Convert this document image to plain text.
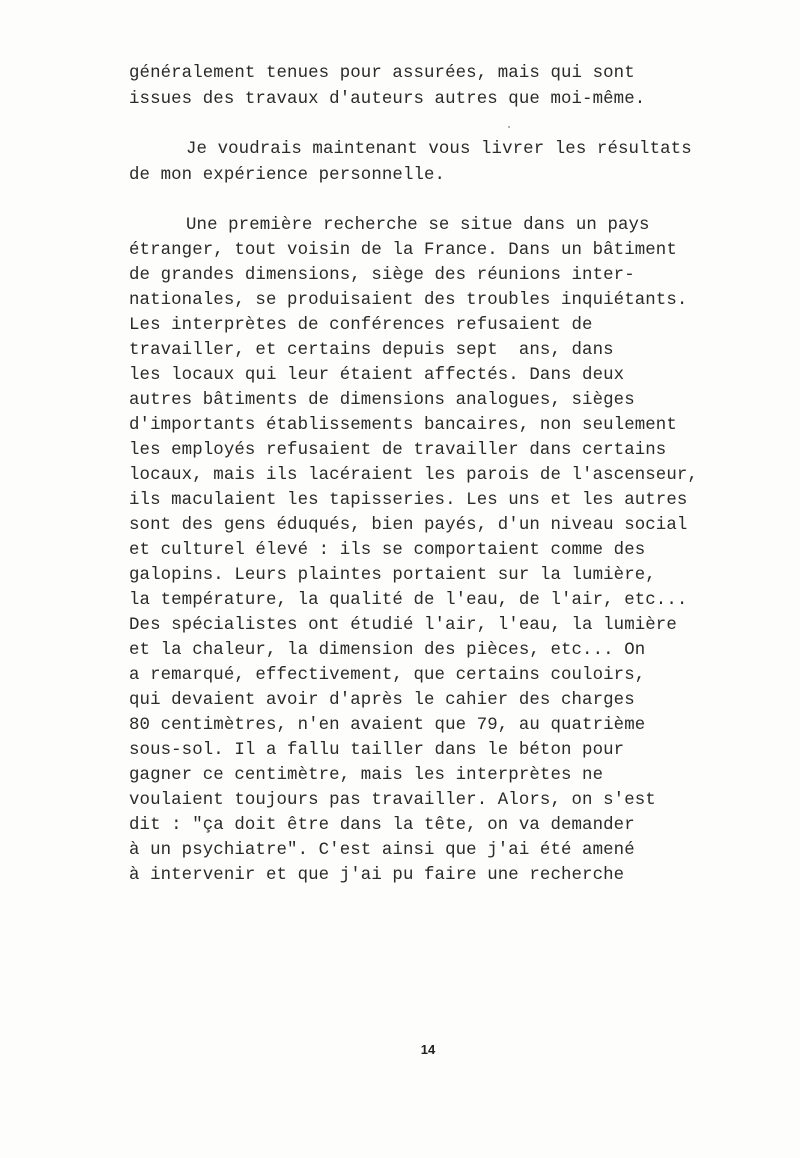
généralement tenues pour assurées, mais qui sont

issues des travaux d'auteurs autres que moi-même.

Je voudrais maintenant vous livrer les résultats

de mon expérience personnelle.

Une première recherche se situe dans un pays

étranger, tout voisin de la France. Dans un bâtiment

de grandes dimensions, siège des réunions inter-

nationales, se produisaient des troubles inquiétants.

Les interprètes de conférences refusaient de

travailler, et certains depuis sept  ans, dans

les locaux qui leur étaient affectés. Dans deux

autres bâtiments de dimensions analogues, sièges

d'importants établissements bancaires, non seulement

les employés refusaient de travailler dans certains

locaux, mais ils lacéraient les parois de l'ascenseur,

ils maculaient les tapisseries. Les uns et les autres

sont des gens éduqués, bien payés, d'un niveau social

et culturel élevé : ils se comportaient comme des

galopins. Leurs plaintes portaient sur la lumière,

la température, la qualité de l'eau, de l'air, etc...

Des spécialistes ont étudié l'air, l'eau, la lumière

et la chaleur, la dimension des pièces, etc... On

a remarqué, effectivement, que certains couloirs,

qui devaient avoir d'après le cahier des charges

80 centimètres, n'en avaient que 79, au quatrième

sous-sol. Il a fallu tailler dans le béton pour

gagner ce centimètre, mais les interprètes ne

voulaient toujours pas travailler. Alors, on s'est

dit : "ça doit être dans la tête, on va demander

à un psychiatre". C'est ainsi que j'ai été amené

à intervenir et que j'ai pu faire une recherche

14
